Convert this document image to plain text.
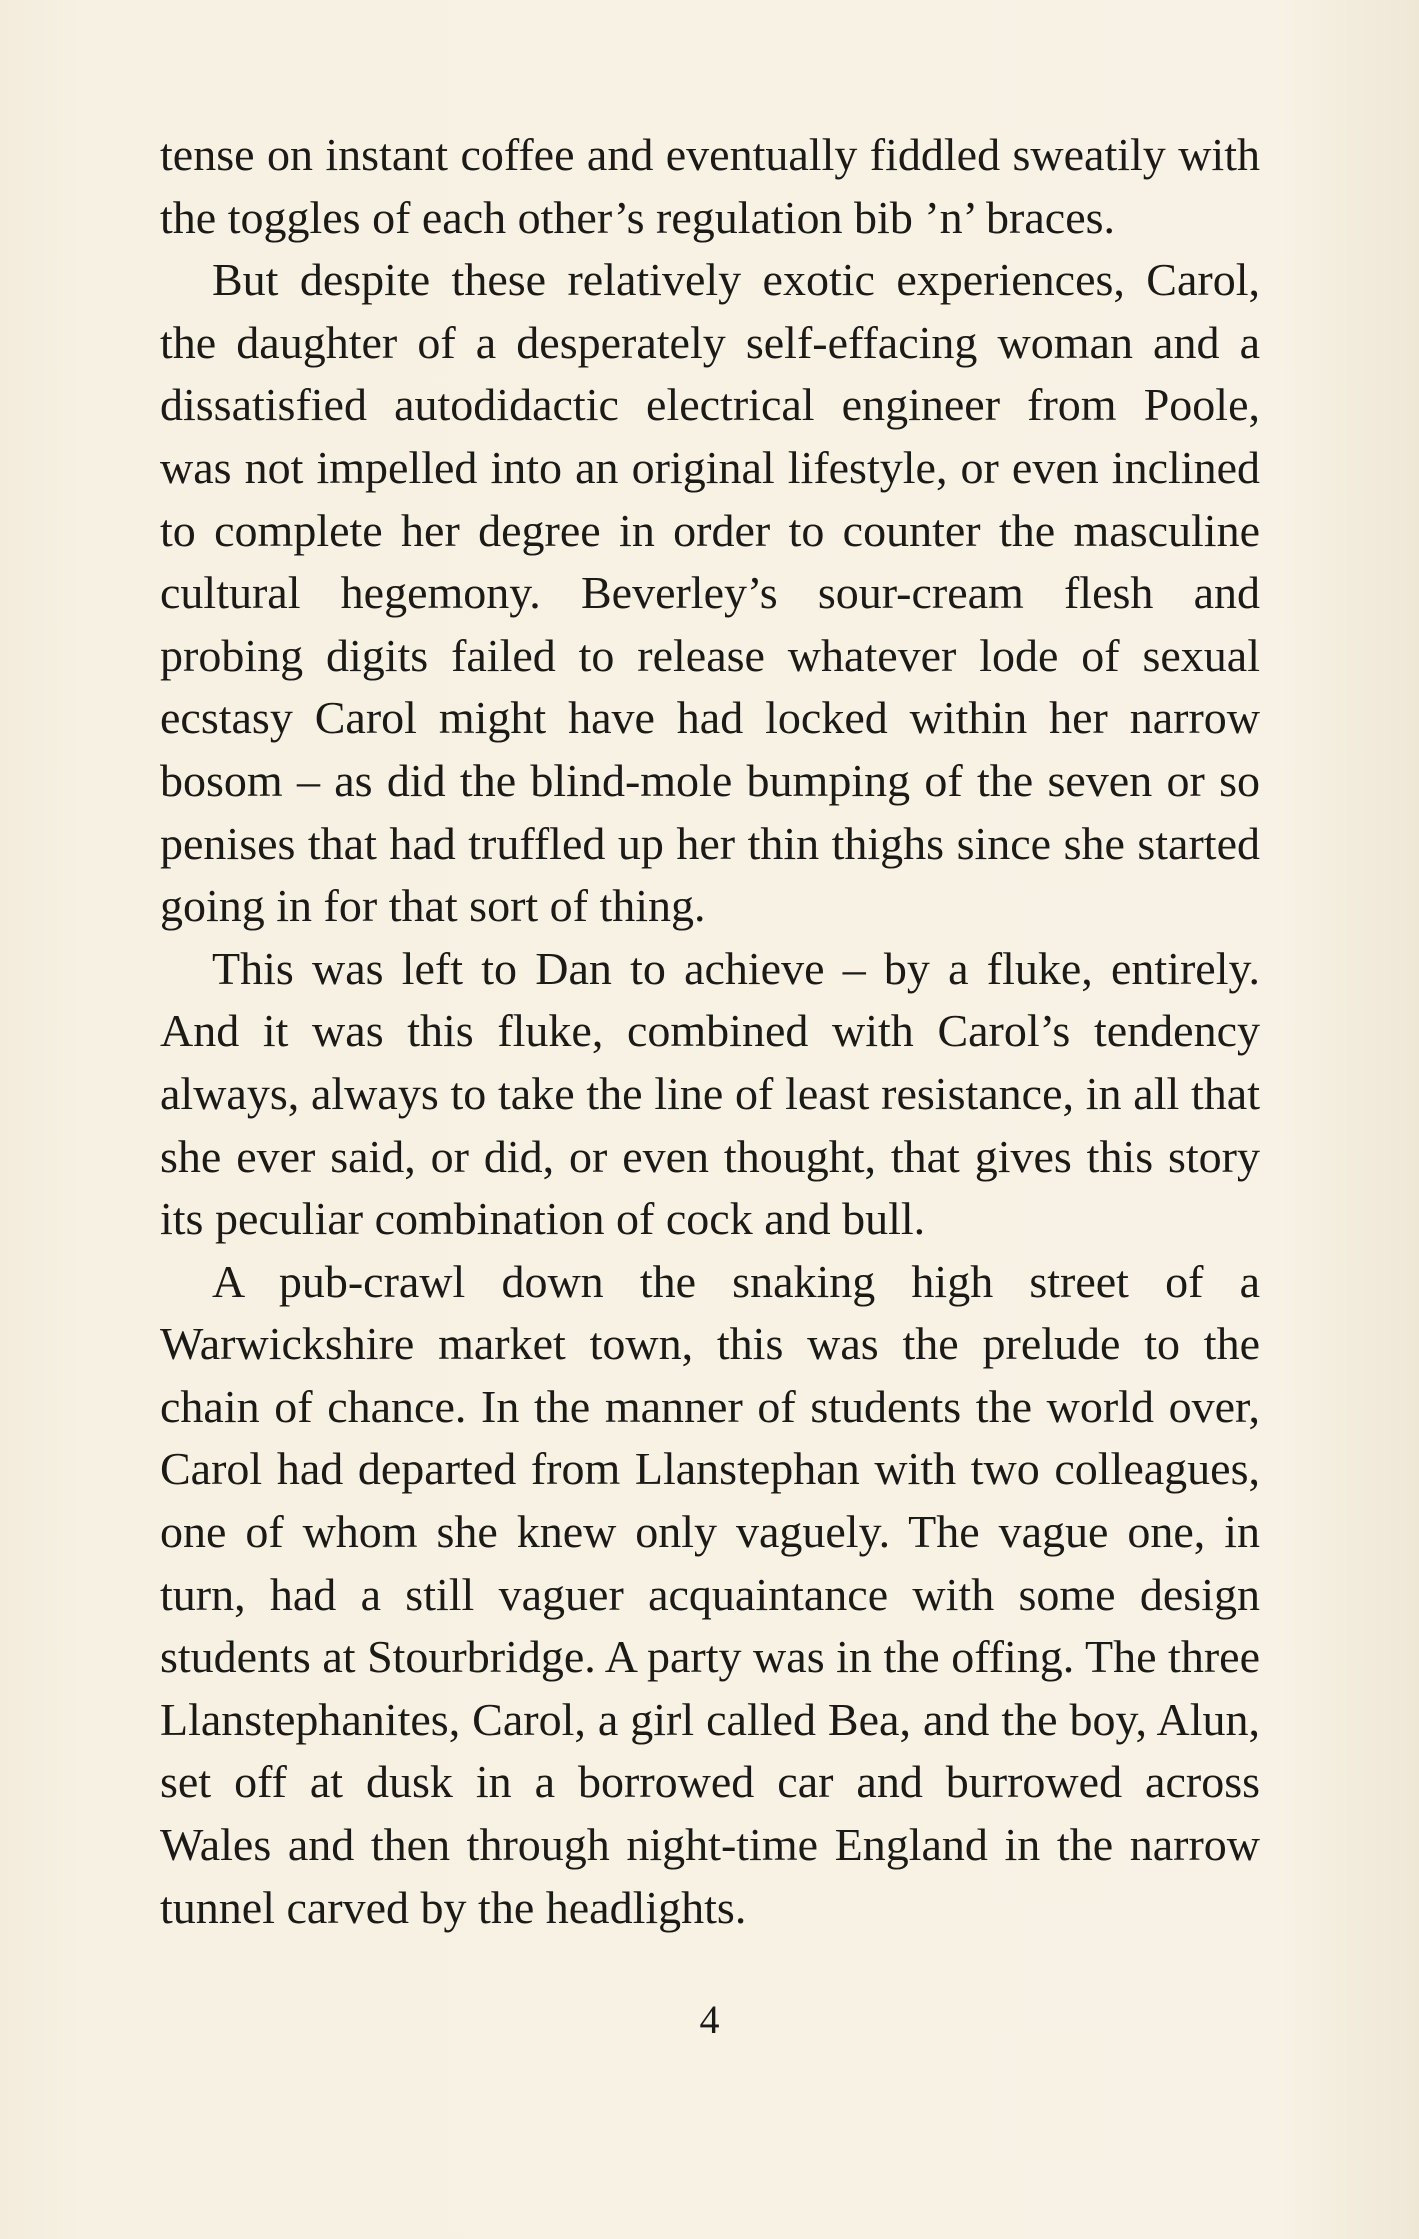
tense on instant coffee and eventually fiddled sweatily with the toggles of each other’s regulation bib ’n’ braces.

But despite these relatively exotic experiences, Carol, the daughter of a desperately self-effacing woman and a dissatisfied autodidactic electrical engineer from Poole, was not impelled into an original lifestyle, or even inclined to complete her degree in order to counter the masculine cultural hegemony. Beverley’s sour-cream flesh and probing digits failed to release whatever lode of sexual ecstasy Carol might have had locked within her narrow bosom – as did the blind-mole bumping of the seven or so penises that had truffled up her thin thighs since she started going in for that sort of thing.

This was left to Dan to achieve – by a fluke, entirely. And it was this fluke, combined with Carol’s tendency always, always to take the line of least resistance, in all that she ever said, or did, or even thought, that gives this story its peculiar combination of cock and bull.

A pub-crawl down the snaking high street of a Warwickshire market town, this was the prelude to the chain of chance. In the manner of students the world over, Carol had departed from Llanstephan with two colleagues, one of whom she knew only vaguely. The vague one, in turn, had a still vaguer acquaintance with some design students at Stourbridge. A party was in the offing. The three Llanstephanites, Carol, a girl called Bea, and the boy, Alun, set off at dusk in a borrowed car and burrowed across Wales and then through night-time England in the narrow tunnel carved by the headlights.

4
